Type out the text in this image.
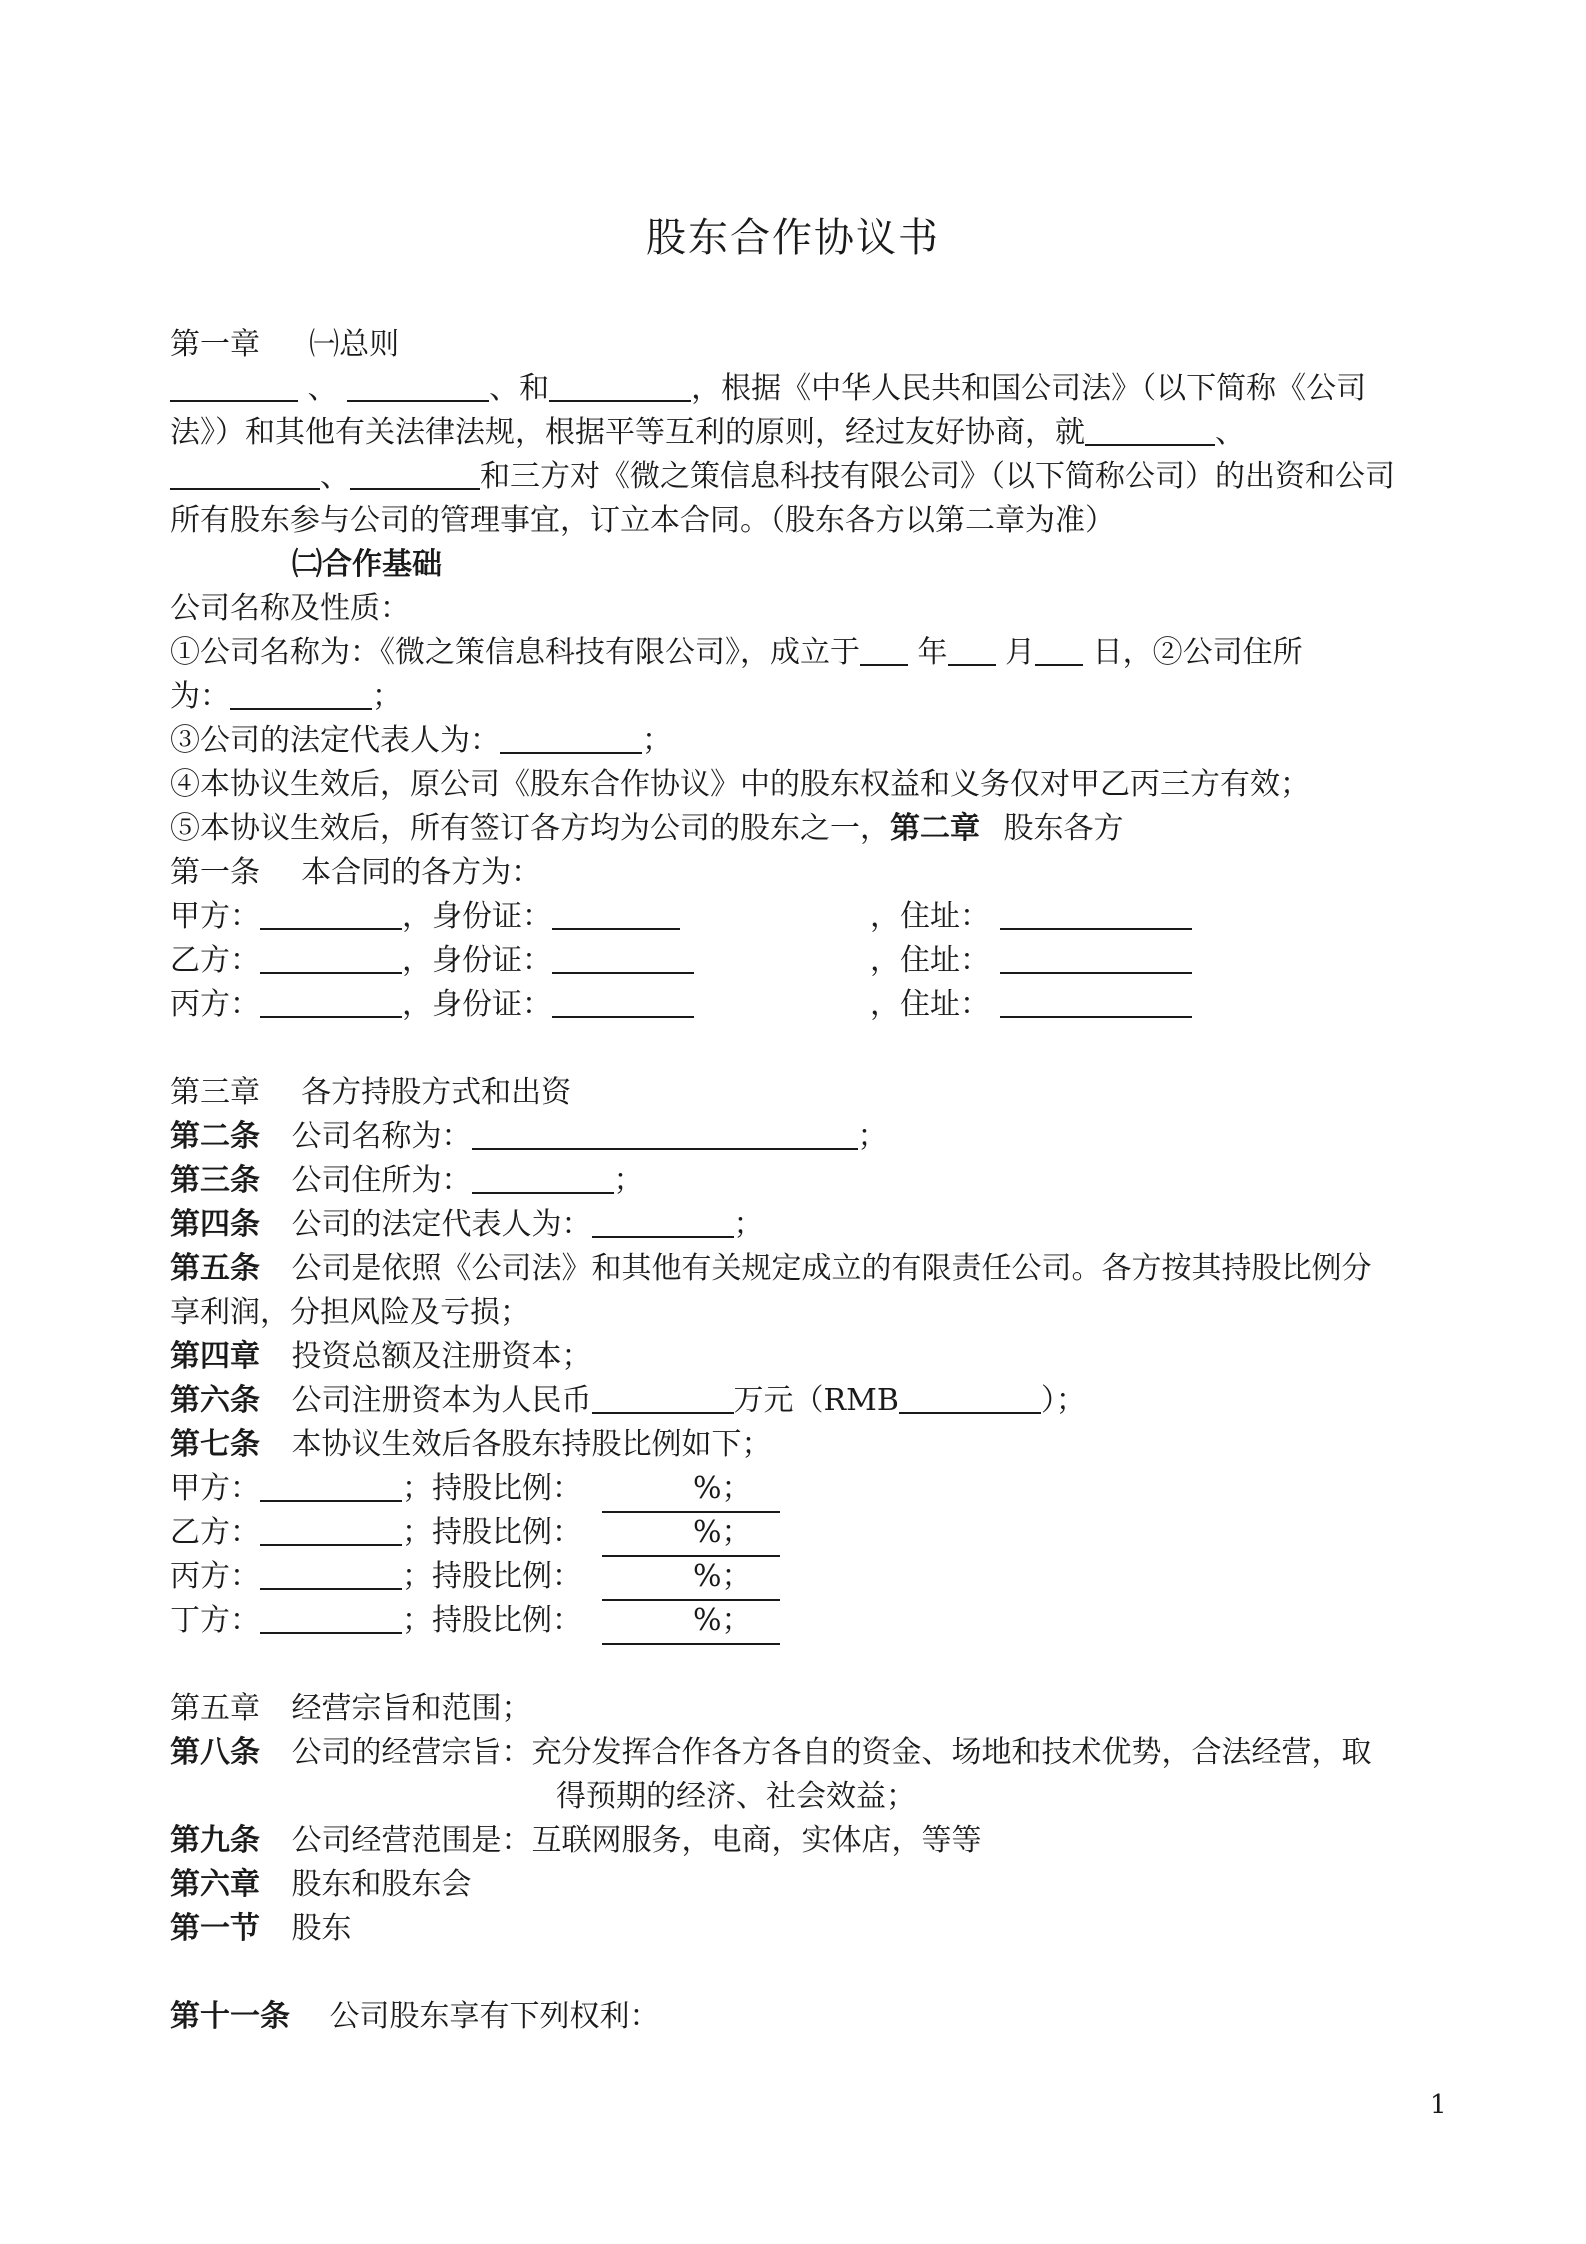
股东合作协议书
第一章 ㈠总则
、	、和	，根据《中华人民共和国公司法》（以下简称《公司
法》）和其他有关法律法规，根据平等互利的原则，经过友好协商，就	、
、	和三方对《微之策信息科技有限公司》（以下简称公司）的出资和公司
所有股东参与公司的管理事宜，订立本合同。（股东各方以第二章为准）
㈡合作基础
公司名称及性质：
①公司名称为：《微之策信息科技有限公司》，成立于 年 月 日，②公司住所
为：	；
③公司的法定代表人为：	；
④本协议生效后，原公司《股东合作协议》中的股东权益和义务仅对甲乙丙三方有效；
⑤本协议生效后，所有签订各方均为公司的股东之一，第二章 股东各方
第一条 本合同的各方为：
甲方：	，身份证：	，住址：
乙方：	，身份证：	，住址：
丙方：	，身份证：	，住址：
第三章 各方持股方式和出资
第二条 公司名称为：	；
第三条 公司住所为：	；
第四条 公司的法定代表人为：	；
第五条 公司是依照《公司法》和其他有关规定成立的有限责任公司。各方按其持股比例分
享利润，分担风险及亏损；
第四章 投资总额及注册资本；
第六条 公司注册资本为人民币	万元（RMB	）；
第七条 本协议生效后各股东持股比例如下；
甲方：	；持股比例：	%；
乙方：	；持股比例：	%；
丙方：	；持股比例：	%；
丁方：	；持股比例：	%；
第五章 经营宗旨和范围；
第八条 公司的经营宗旨：充分发挥合作各方各自的资金、场地和技术优势，合法经营，取
得预期的经济、社会效益；
第九条 公司经营范围是：互联网服务，电商，实体店，等等
第六章 股东和股东会
第一节 股东
第十一条 公司股东享有下列权利：
1
